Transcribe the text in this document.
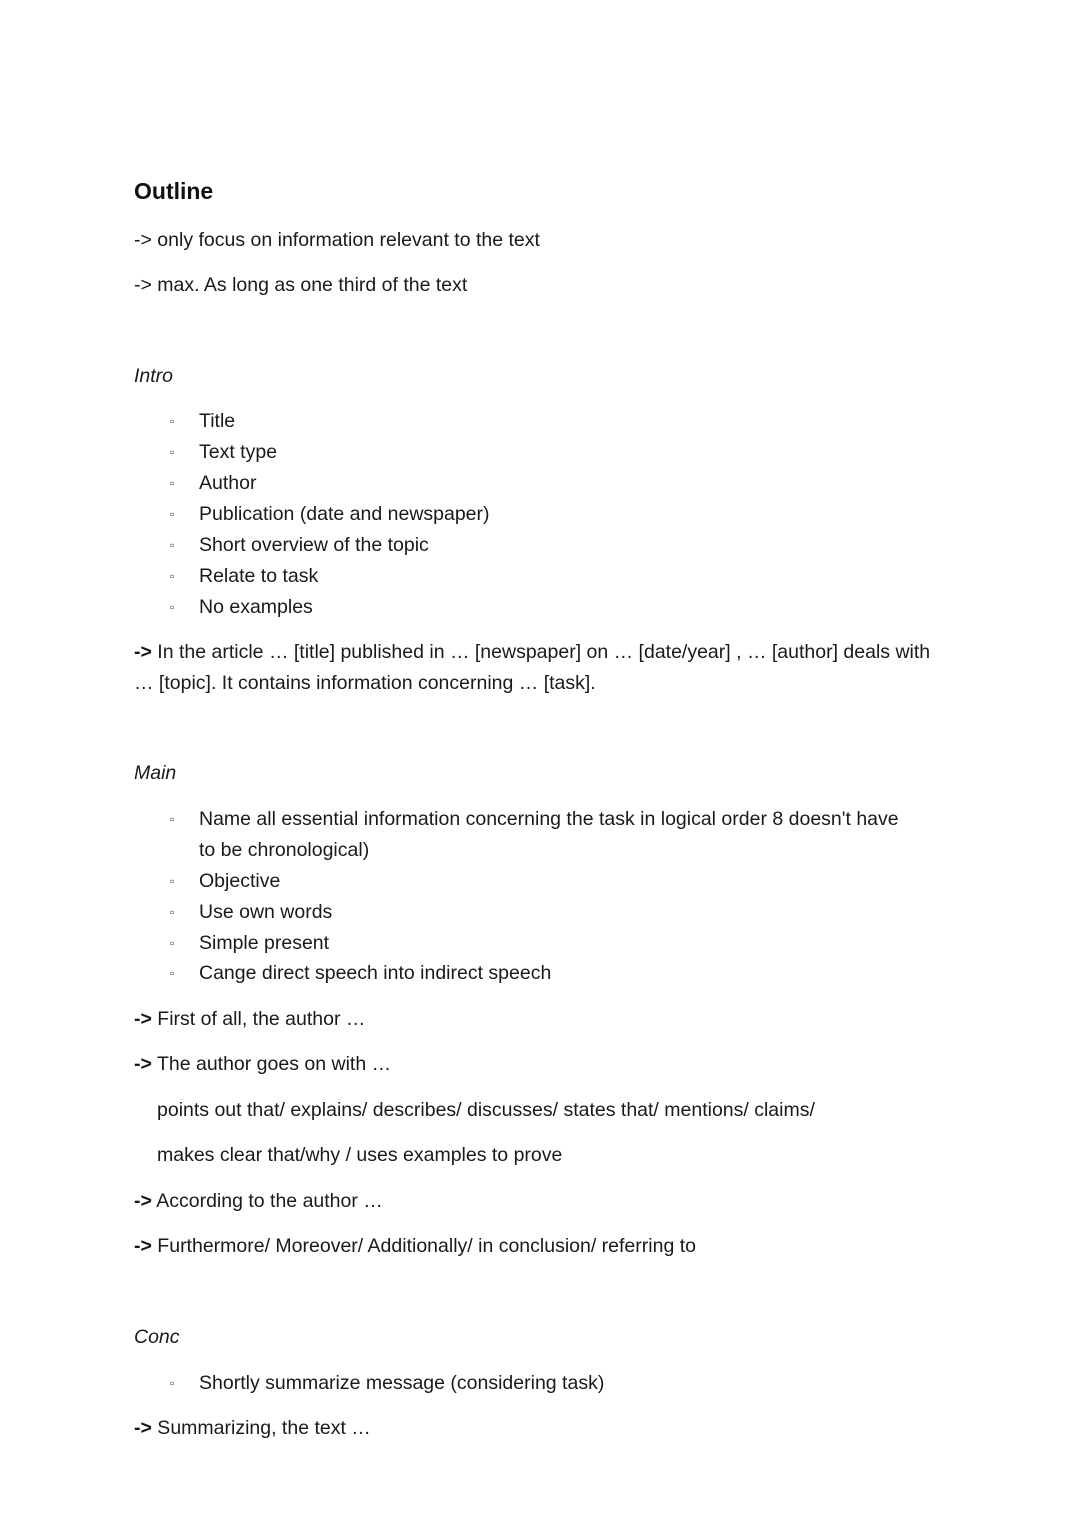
Outline
-> only focus on information relevant to the text
-> max. As long as one third of the text
Intro
▫ Title
▫ Text type
▫ Author
▫ Publication (date and newspaper)
▫ Short overview of the topic
▫ Relate to task
▫ No examples
-> In the article … [title] published in … [newspaper] on … [date/year] , … [author] deals with … [topic]. It contains information concerning … [task].
Main
▫ Name all essential information concerning the task in logical order 8 doesn't have to be chronological)
▫ Objective
▫ Use own words
▫ Simple present
▫ Cange direct speech into indirect speech
-> First of all, the author …
-> The author goes on with …
points out that/ explains/ describes/ discusses/ states that/ mentions/ claims/
makes clear that/why / uses examples to prove
-> According to the author …
-> Furthermore/ Moreover/ Additionally/ in conclusion/ referring to
Conc
▫ Shortly summarize message (considering task)
-> Summarizing, the text …
